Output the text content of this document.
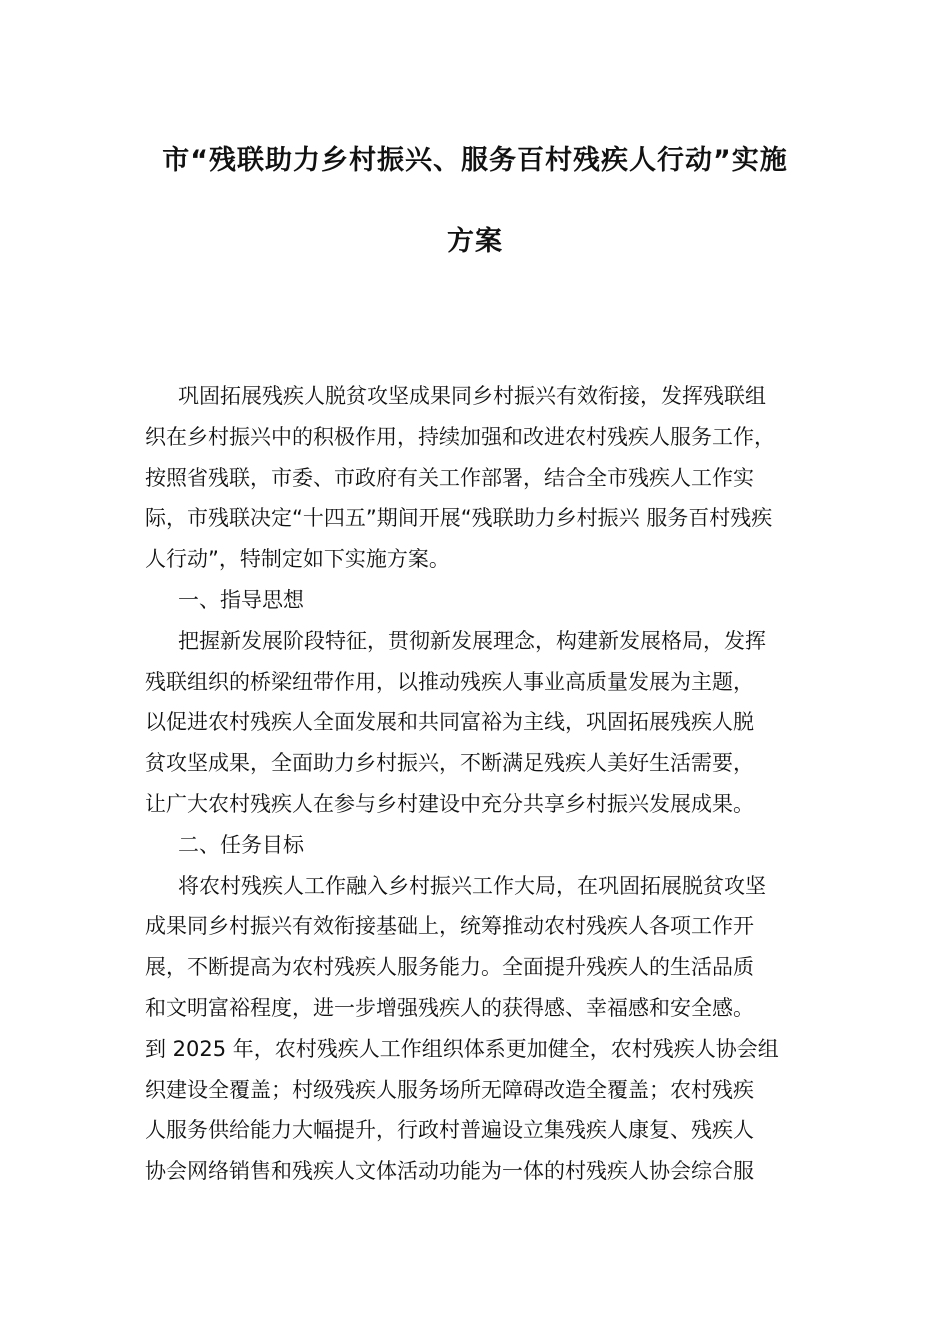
市“残联助力乡村振兴、服务百村残疾人行动”实施
方案
巩固拓展残疾人脱贫攻坚成果同乡村振兴有效衔接，发挥残联组
织在乡村振兴中的积极作用，持续加强和改进农村残疾人服务工作，
按照省残联，市委、市政府有关工作部署，结合全市残疾人工作实
际，市残联决定“十四五”期间开展“残联助力乡村振兴 服务百村残疾
人行动”，特制定如下实施方案。
一、指导思想
把握新发展阶段特征，贯彻新发展理念，构建新发展格局，发挥
残联组织的桥梁纽带作用，以推动残疾人事业高质量发展为主题，
以促进农村残疾人全面发展和共同富裕为主线，巩固拓展残疾人脱
贫攻坚成果，全面助力乡村振兴，不断满足残疾人美好生活需要，
让广大农村残疾人在参与乡村建设中充分共享乡村振兴发展成果。
二、任务目标
将农村残疾人工作融入乡村振兴工作大局，在巩固拓展脱贫攻坚
成果同乡村振兴有效衔接基础上，统筹推动农村残疾人各项工作开
展，不断提高为农村残疾人服务能力。全面提升残疾人的生活品质
和文明富裕程度，进一步增强残疾人的获得感、幸福感和安全感。
到 2025 年，农村残疾人工作组织体系更加健全，农村残疾人协会组
织建设全覆盖；村级残疾人服务场所无障碍改造全覆盖；农村残疾
人服务供给能力大幅提升，行政村普遍设立集残疾人康复、残疾人
协会网络销售和残疾人文体活动功能为一体的村残疾人协会综合服
